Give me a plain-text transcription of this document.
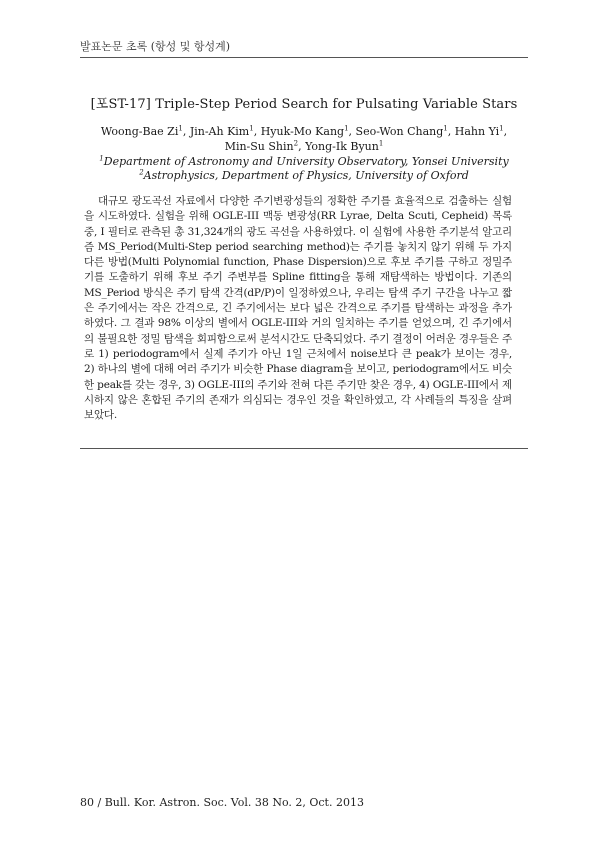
발표논문 초록 (항성 및 항성계)
[포ST-17] Triple-Step Period Search for Pulsating Variable Stars
Woong-Bae Zi$^1$, Jin-Ah Kim$^1$, Hyuk-Mo Kang$^1$, Seo-Won Chang$^1$, Hahn Yi$^1$,
Min-Su Shin$^2$, Yong-Ik Byun$^1$
$^1$Department of Astronomy and University Observatory, Yonsei University
$^2$Astrophysics, Department of Physics, University of Oxford

대규모 광도곡선 자료에서 다양한 주기변광성들의 정확한 주기를 효율적으로 검출하는 실험을 시도하였다. 실험을 위해 OGLE-III 맥동 변광성(RR Lyrae, Delta Scuti, Cepheid) 목록 중, I 필터로 관측된 총 31,324개의 광도 곡선을 사용하였다. 이 실험에 사용한 주기분석 알고리즘 MS_Period(Multi-Step period searching method)는 주기를 놓치지 않기 위해 두 가지 다른 방법(Multi Polynomial function, Phase Dispersion)으로 후보 주기를 구하고 정밀주기를 도출하기 위해 후보 주기 주변부를 Spline fitting을 통해 재탐색하는 방법이다. 기존의 MS_Period 방식은 주기 탐색 간격(dP/P)이 일정하였으나, 우리는 탐색 주기 구간을 나누고 짧은 주기에서는 작은 간격으로, 긴 주기에서는 보다 넓은 간격으로 주기를 탐색하는 과정을 추가하였다. 그 결과 98% 이상의 별에서 OGLE-III와 거의 일치하는 주기를 얻었으며, 긴 주기에서의 불필요한 정밀 탐색을 회피함으로써 분석시간도 단축되었다. 주기 결정이 어려운 경우들은 주로 1) periodogram에서 실제 주기가 아닌 1일 근처에서 noise보다 큰 peak가 보이는 경우, 2) 하나의 별에 대해 여러 주기가 비슷한 Phase diagram을 보이고, periodogram에서도 비슷한 peak를 갖는 경우, 3) OGLE-III의 주기와 전혀 다른 주기만 찾은 경우, 4) OGLE-III에서 제시하지 않은 혼합된 주기의 존재가 의심되는 경우인 것을 확인하였고, 각 사례들의 특징을 살펴보았다.

80 / Bull. Kor. Astron. Soc. Vol. 38 No. 2, Oct. 2013
